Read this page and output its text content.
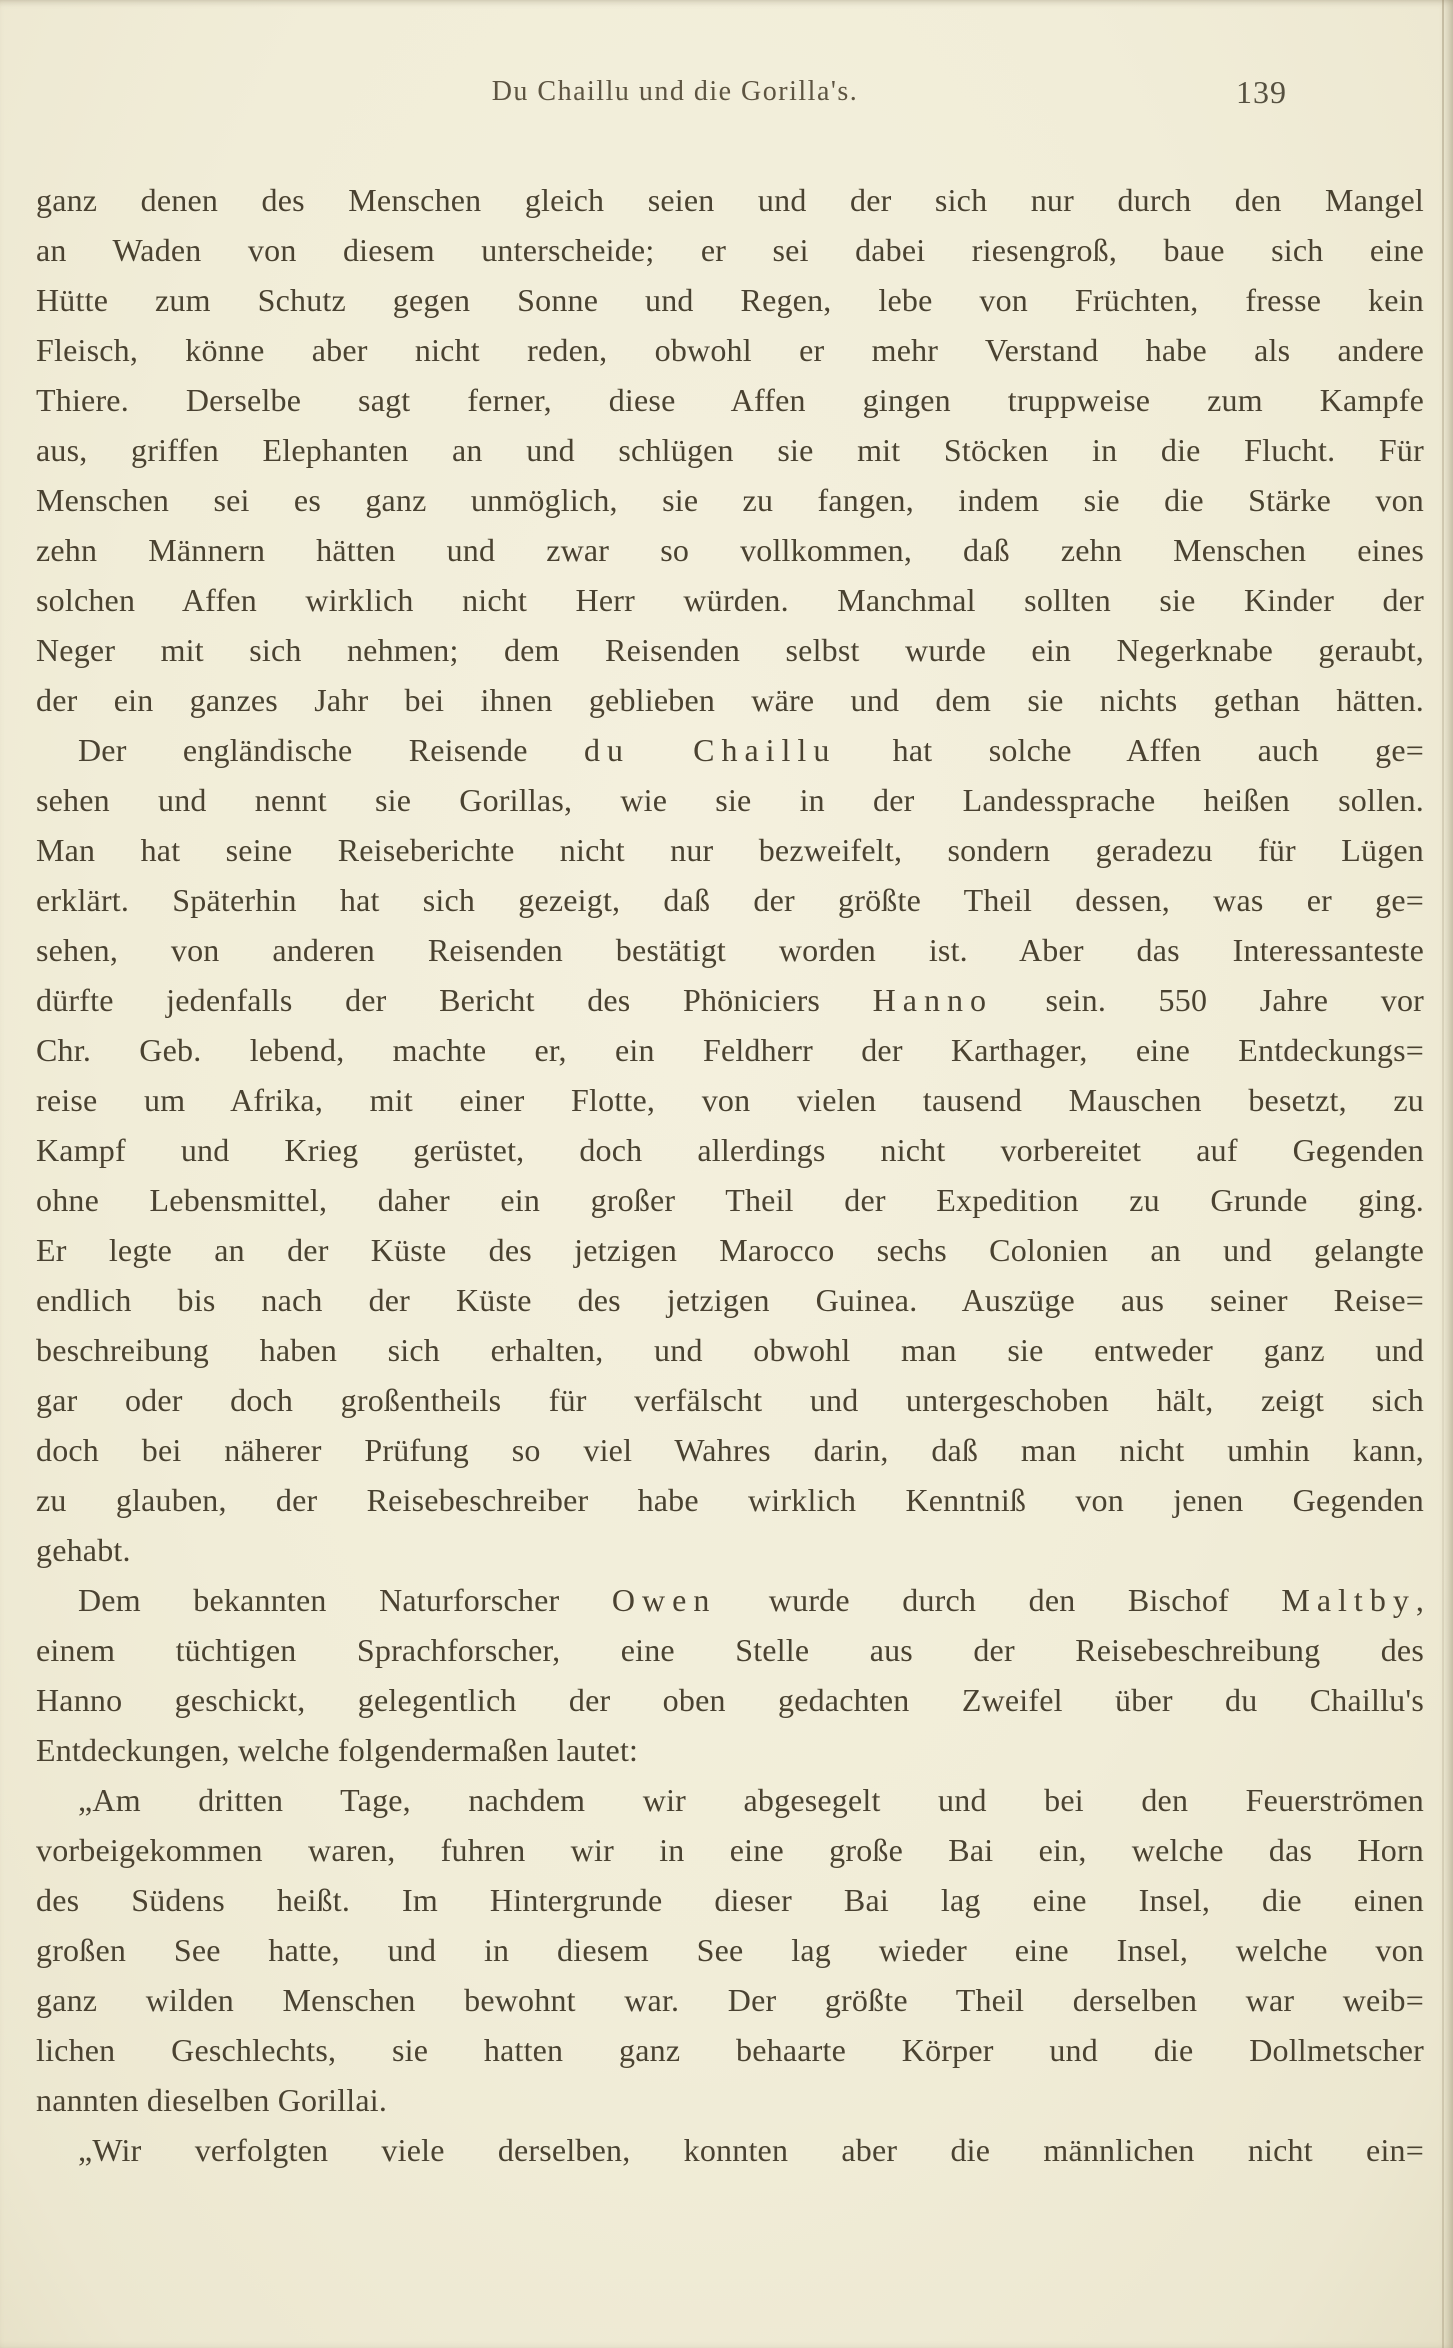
Du Chaillu und die Gorilla's.	139
ganz denen des Menschen gleich seien und der sich nur durch den Mangel
an Waden von diesem unterscheide; er sei dabei riesengroß, baue sich eine
Hütte zum Schutz gegen Sonne und Regen, lebe von Früchten, fresse kein
Fleisch, könne aber nicht reden, obwohl er mehr Verstand habe als andere
Thiere. Derselbe sagt ferner, diese Affen gingen truppweise zum Kampfe
aus, griffen Elephanten an und schlügen sie mit Stöcken in die Flucht. Für
Menschen sei es ganz unmöglich, sie zu fangen, indem sie die Stärke von
zehn Männern hätten und zwar so vollkommen, daß zehn Menschen eines
solchen Affen wirklich nicht Herr würden. Manchmal sollten sie Kinder der
Neger mit sich nehmen; dem Reisenden selbst wurde ein Negerknabe geraubt,
der ein ganzes Jahr bei ihnen geblieben wäre und dem sie nichts gethan hätten.
Der engländische Reisende du Chaillu hat solche Affen auch ge=
sehen und nennt sie Gorillas, wie sie in der Landessprache heißen sollen.
Man hat seine Reiseberichte nicht nur bezweifelt, sondern geradezu für Lügen
erklärt. Späterhin hat sich gezeigt, daß der größte Theil dessen, was er ge=
sehen, von anderen Reisenden bestätigt worden ist. Aber das Interessanteste
dürfte jedenfalls der Bericht des Phöniciers Hanno sein. 550 Jahre vor
Chr. Geb. lebend, machte er, ein Feldherr der Karthager, eine Entdeckungs=
reise um Afrika, mit einer Flotte, von vielen tausend Mauschen besetzt, zu
Kampf und Krieg gerüstet, doch allerdings nicht vorbereitet auf Gegenden
ohne Lebensmittel, daher ein großer Theil der Expedition zu Grunde ging.
Er legte an der Küste des jetzigen Marocco sechs Colonien an und gelangte
endlich bis nach der Küste des jetzigen Guinea. Auszüge aus seiner Reise=
beschreibung haben sich erhalten, und obwohl man sie entweder ganz und
gar oder doch großentheils für verfälscht und untergeschoben hält, zeigt sich
doch bei näherer Prüfung so viel Wahres darin, daß man nicht umhin kann,
zu glauben, der Reisebeschreiber habe wirklich Kenntniß von jenen Gegenden
gehabt.
Dem bekannten Naturforscher Owen wurde durch den Bischof Maltby,
einem tüchtigen Sprachforscher, eine Stelle aus der Reisebeschreibung des
Hanno geschickt, gelegentlich der oben gedachten Zweifel über du Chaillu's
Entdeckungen, welche folgendermaßen lautet:
„Am dritten Tage, nachdem wir abgesegelt und bei den Feuerströmen
vorbeigekommen waren, fuhren wir in eine große Bai ein, welche das Horn
des Südens heißt. Im Hintergrunde dieser Bai lag eine Insel, die einen
großen See hatte, und in diesem See lag wieder eine Insel, welche von
ganz wilden Menschen bewohnt war. Der größte Theil derselben war weib=
lichen Geschlechts, sie hatten ganz behaarte Körper und die Dollmetscher
nannten dieselben Gorillai.
„Wir verfolgten viele derselben, konnten aber die männlichen nicht ein=
